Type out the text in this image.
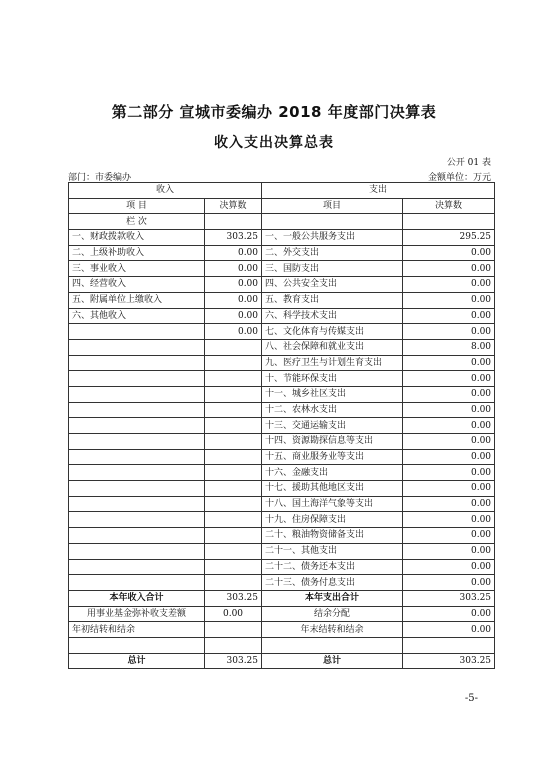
第二部分 宣城市委编办 2018 年度部门决算表
收入支出决算总表
公开 01 表
部门：市委编办	金额单位：万元
收入		支出	
项 目	决算数	项目	决算数
栏 次			
一、财政拨款收入	303.25	一、一般公共服务支出	295.25
二、上级补助收入	0.00	二、外交支出	0.00
三、事业收入	0.00	三、国防支出	0.00
四、经营收入	0.00	四、公共安全支出	0.00
五、附属单位上缴收入	0.00	五、教育支出	0.00
六、其他收入	0.00	六、科学技术支出	0.00
	0.00	七、文化体育与传媒支出	0.00
		八、社会保障和就业支出	8.00
		九、医疗卫生与计划生育支出	0.00
		十、节能环保支出	0.00
		十一、城乡社区支出	0.00
		十二、农林水支出	0.00
		十三、交通运输支出	0.00
		十四、资源勘探信息等支出	0.00
		十五、商业服务业等支出	0.00
		十六、金融支出	0.00
		十七、援助其他地区支出	0.00
		十八、国土海洋气象等支出	0.00
		十九、住房保障支出	0.00
		二十、粮油物资储备支出	0.00
		二十一、其他支出	0.00
		二十二、债务还本支出	0.00
		二十三、债务付息支出	0.00
本年收入合计	303.25	本年支出合计	303.25
用事业基金弥补收支差额	0.00	结余分配	0.00
年初结转和结余		年末结转和结余	0.00

总计	303.25	总计	303.25
-5-
